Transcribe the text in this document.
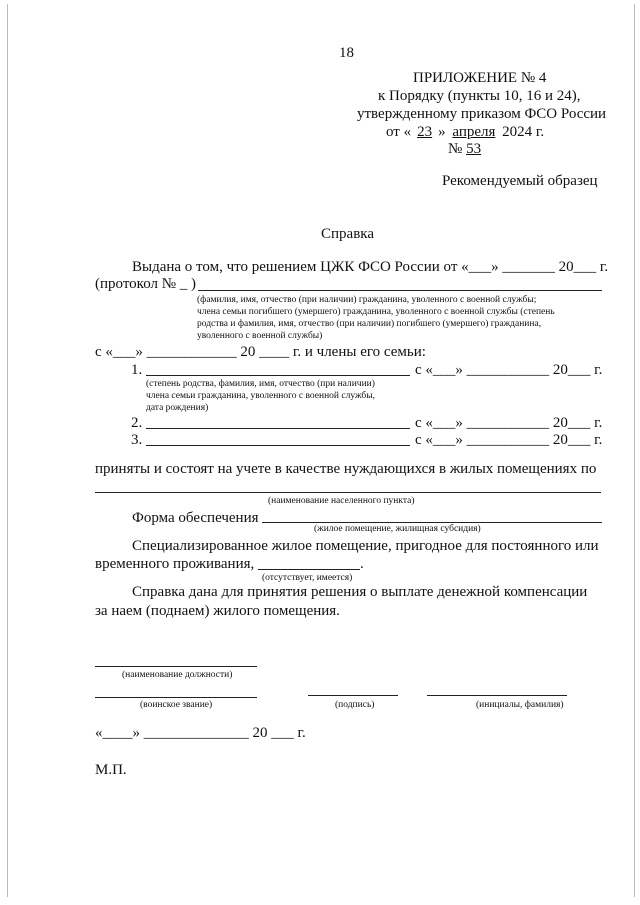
18
ПРИЛОЖЕНИЕ № 4
к Порядку (пункты 10, 16 и 24),
утвержденному приказом ФСО России
от « 23 » апреля 2024 г.
№ 53
Рекомендуемый образец
Справка
Выдана о том, что решением ЦЖК ФСО России от «___» _______ 20___ г.
(протокол № _ )
(фамилия, имя, отчество (при наличии) гражданина, уволенного с военной службы;
члена семьи погибшего (умершего) гражданина, уволенного с военной службы (степень
родства и фамилия, имя, отчество (при наличии) погибшего (умершего) гражданина,
уволенного с военной службы)
с «___» ____________ 20 ____ г. и члены его семьи:
1.	с «___» ___________ 20___ г.
(степень родства, фамилия, имя, отчество (при наличии)
члена семьи гражданина, уволенного с военной службы,
дата рождения)
2.	с «___» ___________ 20___ г.
3.	с «___» ___________ 20___ г.
приняты и состоят на учете в качестве нуждающихся в жилых помещениях по
(наименование населенного пункта)
Форма обеспечения
(жилое помещение, жилищная субсидия)
Специализированное жилое помещение, пригодное для постоянного или
временного проживания,	.
(отсутствует, имеется)
Справка дана для принятия решения о выплате денежной компенсации
за наем (поднаем) жилого помещения.
(наименование должности)
(воинское звание)	(подпись)	(инициалы, фамилия)
«____» ______________ 20 ___ г.
М.П.
